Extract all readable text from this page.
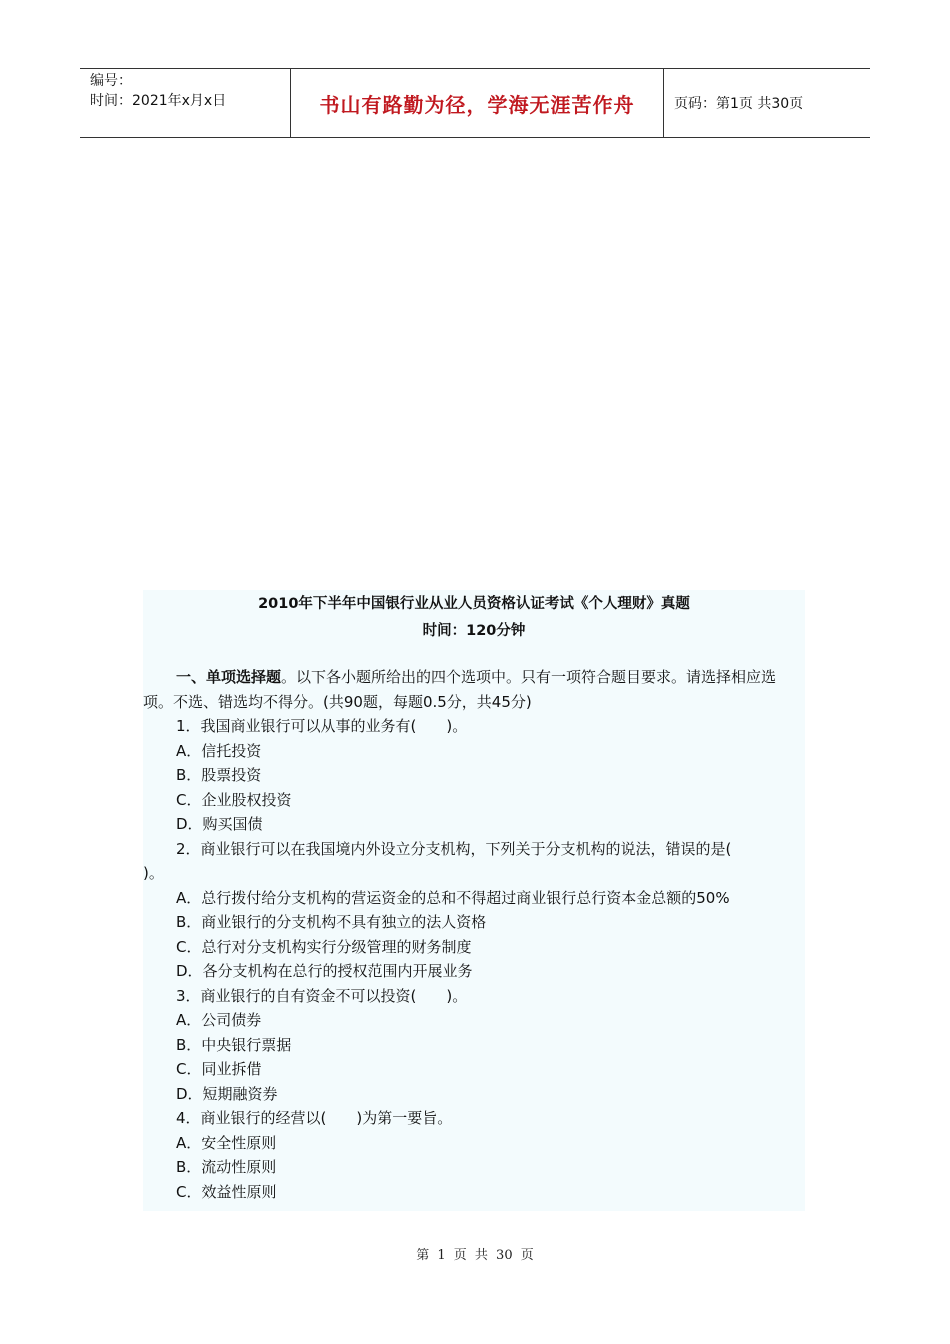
编号：
时间：2021年x月x日	书山有路勤为径，学海无涯苦作舟	页码：第1页 共30页
2010年下半年中国银行业从业人员资格认证考试《个人理财》真题
时间：120分钟
一、单项选择题。以下各小题所给出的四个选项中。只有一项符合题目要求。请选择相应选项。不选、错选均不得分。(共90题，每题0.5分，共45分)
1．我国商业银行可以从事的业务有(　　)。
A．信托投资
B．股票投资
C．企业股权投资
D．购买国债
2．商业银行可以在我国境内外设立分支机构，下列关于分支机构的说法，错误的是(
)。
A．总行拨付给分支机构的营运资金的总和不得超过商业银行总行资本金总额的50%
B．商业银行的分支机构不具有独立的法人资格
C．总行对分支机构实行分级管理的财务制度
D．各分支机构在总行的授权范围内开展业务
3．商业银行的自有资金不可以投资(　　)。
A．公司债券
B．中央银行票据
C．同业拆借
D．短期融资券
4．商业银行的经营以(　　)为第一要旨。
A．安全性原则
B．流动性原则
C．效益性原则
第 1 页 共 30 页
